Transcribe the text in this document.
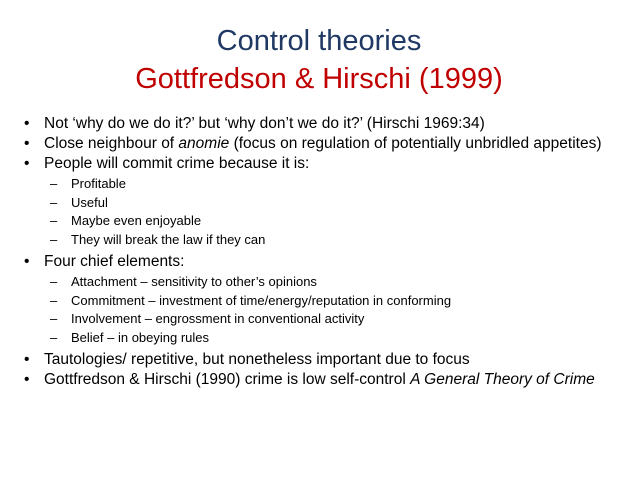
Control theories
Gottfredson & Hirschi (1999)
• Not ‘why do we do it?’ but ‘why don’t we do it?’ (Hirschi 1969:34)
• Close neighbour of anomie (focus on regulation of potentially unbridled appetites)
• People will commit crime because it is:
– Profitable
– Useful
– Maybe even enjoyable
– They will break the law if they can
• Four chief elements:
– Attachment – sensitivity to other’s opinions
– Commitment – investment of time/energy/reputation in conforming
– Involvement – engrossment in conventional activity
– Belief – in obeying rules
• Tautologies/ repetitive, but nonetheless important due to focus
• Gottfredson & Hirschi (1990) crime is low self-control A General Theory of Crime
